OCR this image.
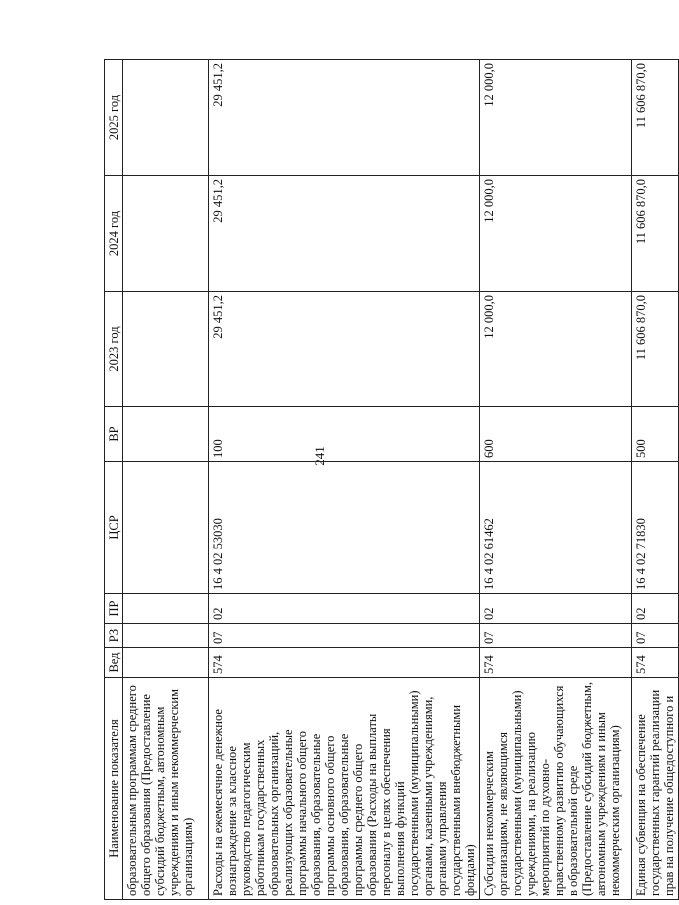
241
Наименование показателя	Вед	РЗ	ПР	ЦСР	ВР	2023 год	2024 год	2025 год
образовательным программам среднего общего образования (Предоставление субсидий бюджетным, автономным учреждениям и иным некоммерческим организациям)								
Расходы на ежемесячное денежное вознаграждение за классное руководство педагогическим работникам государственных образовательных организаций, реализующих образовательные программы начального общего образования, образовательные программы основного общего образования, образовательные программы среднего общего образования (Расходы на выплаты персоналу в целях обеспечения выполнения функций государственными (муниципальными) органами, казенными учреждениями, органами управления государственными внебюджетными фондами)	574	07	02	16 4 02 53030	100	29 451,2	29 451,2	29 451,2
Субсидии некоммерческим организациям, не являющимся государственными (муниципальными) учреждениями, на реализацию мероприятий по духовно-нравственному развитию обучающихся в образовательной среде (Предоставление субсидий бюджетным, автономным учреждениям и иным некоммерческим организациям)	574	07	02	16 4 02 61462	600	12 000,0	12 000,0	12 000,0
Единая субвенция на обеспечение государственных гарантий реализации прав на получение общедоступного и	574	07	02	16 4 02 71830	500	11 606 870,0	11 606 870,0	11 606 870,0
